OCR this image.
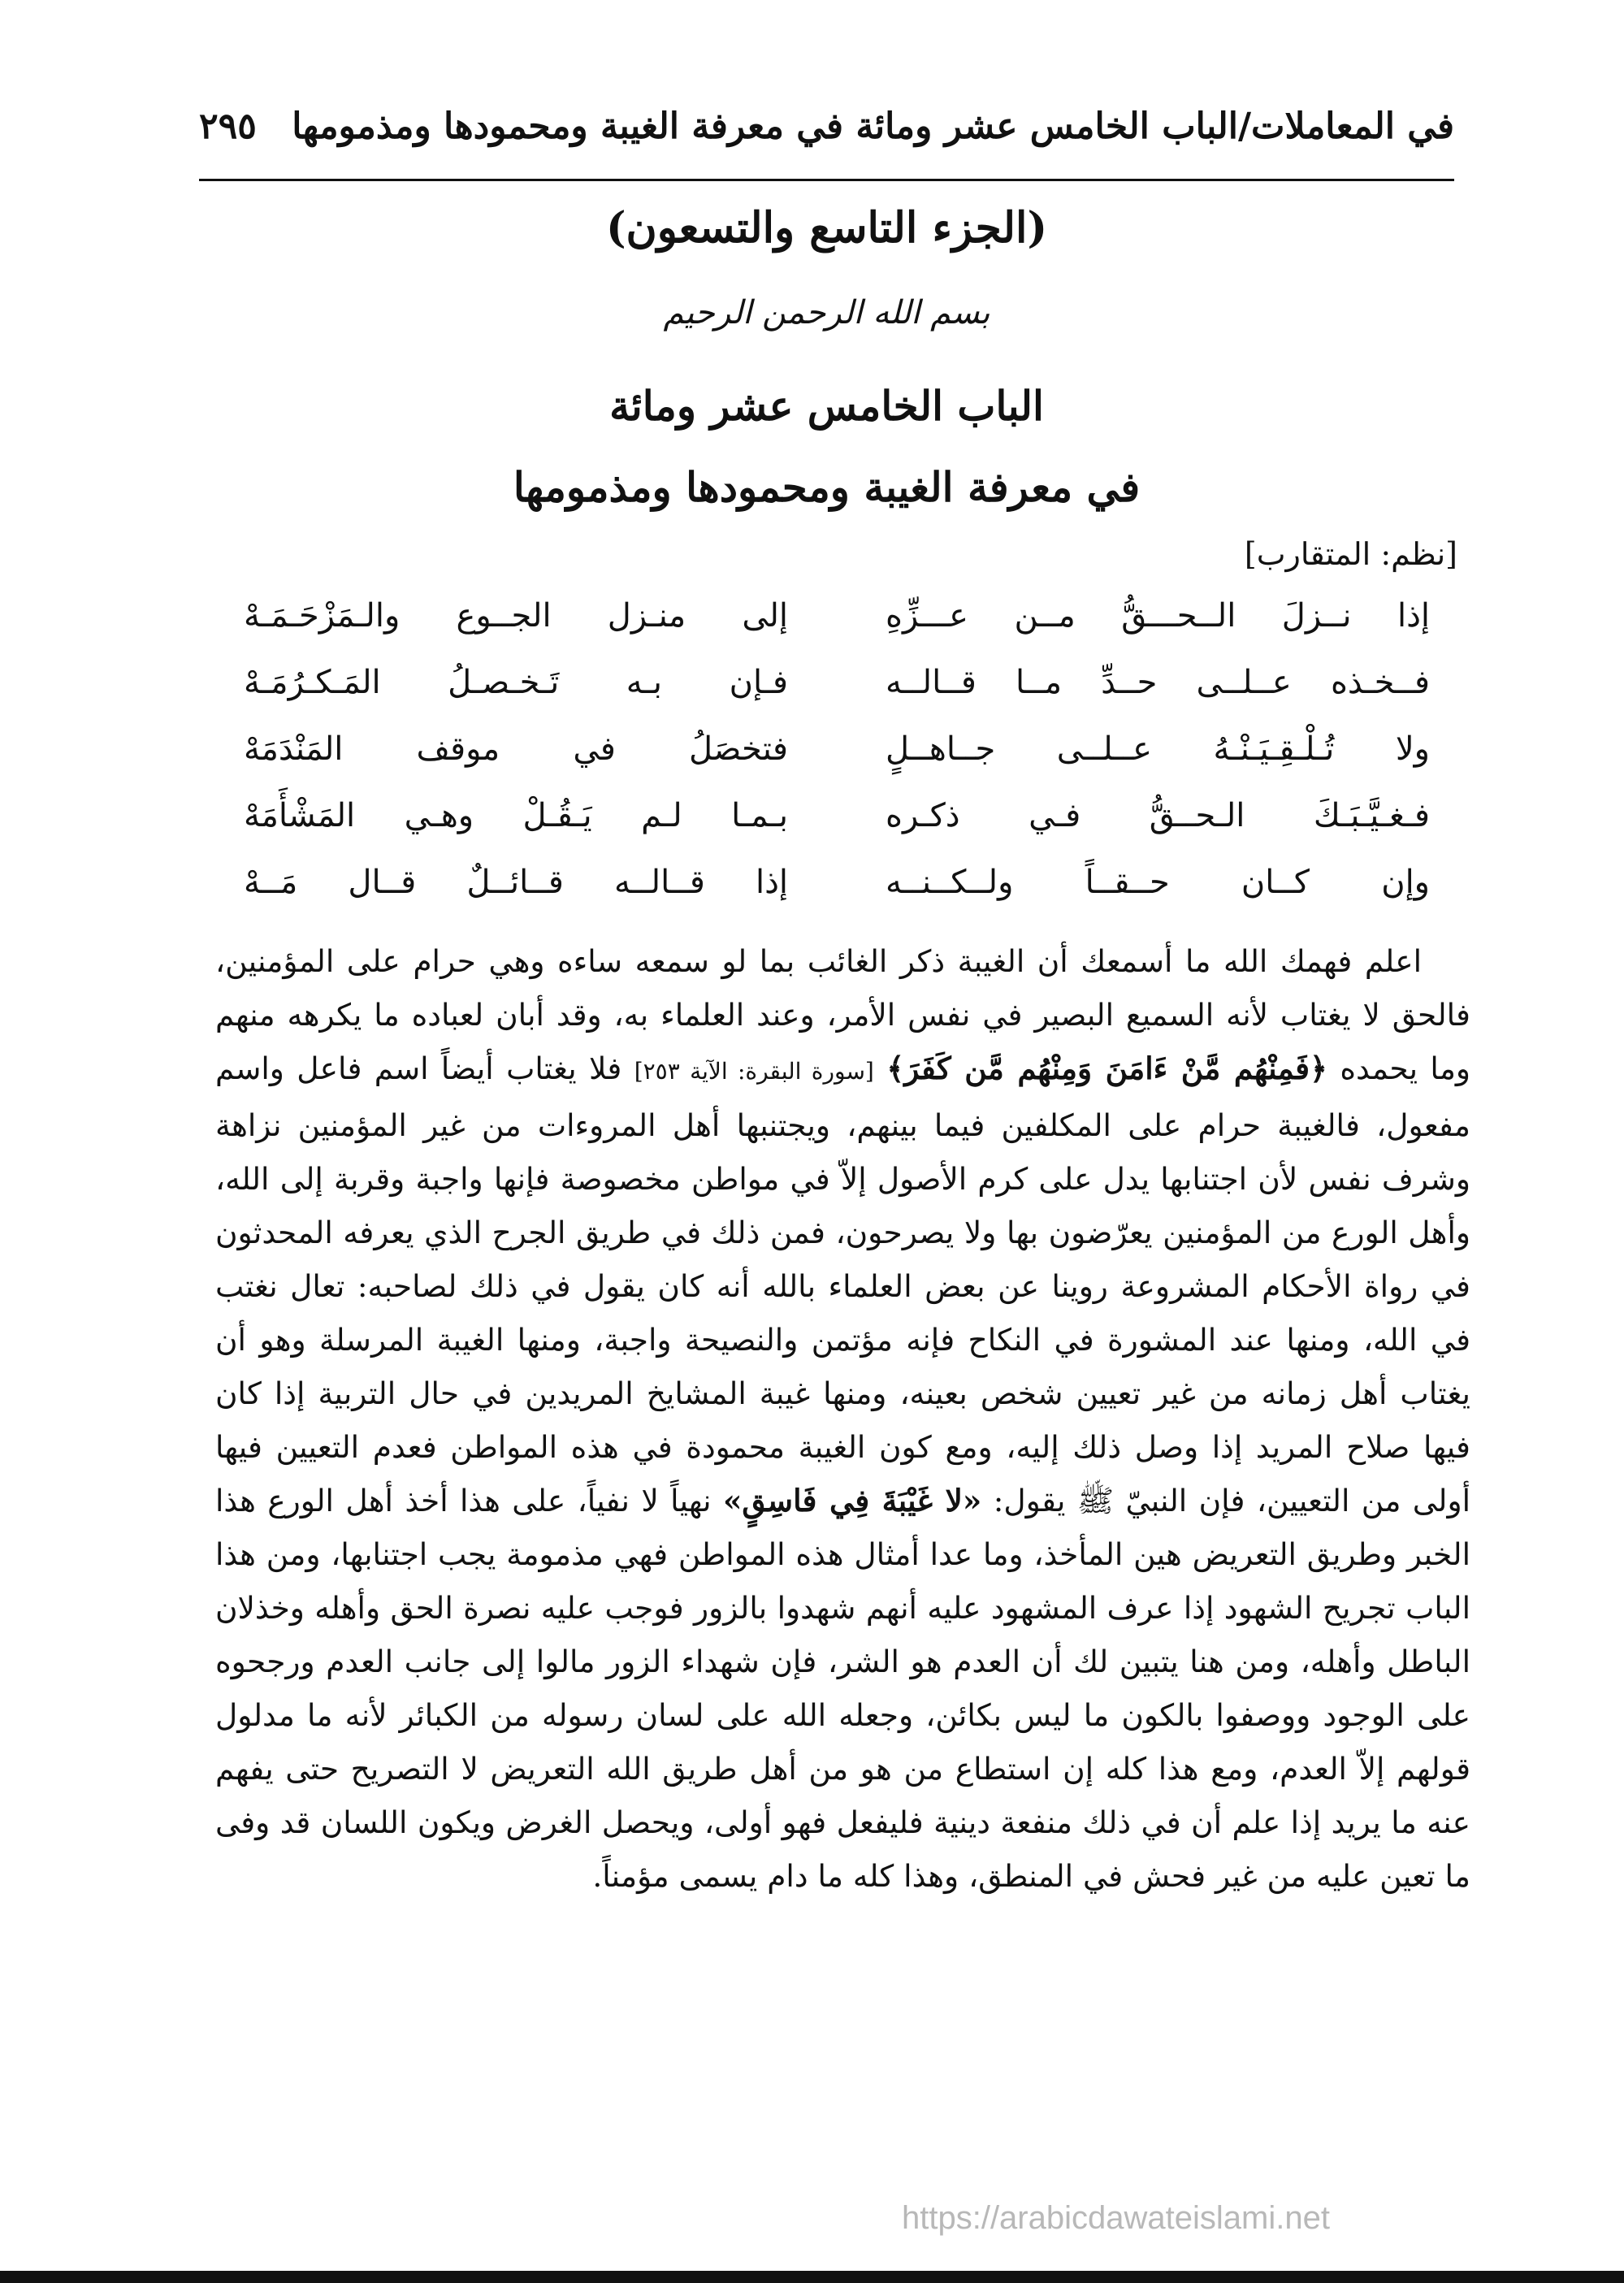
في المعاملات/الباب الخامس عشر ومائة في معرفة الغيبة ومحمودها ومذمومها
٢٩٥
(الجزء التاسع والتسعون)
بسم الله الرحمن الرحيم
الباب الخامس عشر ومائة
في معرفة الغيبة ومحمودها ومذمومها
[نظم: المتقارب]
إذا نــزلَ الــحـــقُّ مــن عـــزِّهِ
إلى منـزل الجــوع والـمَزْحَـمَـهْ
فــخـذه عــلــى حــدِّ مــا قــالــه
فـإن بـه تَـخـصـلُ المَـكـرُمَـهْ
ولا تُـلْـقِـيَـنْـهُ عــلــى جــاهــلٍ
فتخصَلُ في موقف المَنْدَمَهْ
فـغـيَّـبَـكَ الـحــقُّ فـي ذكـره
بـمـا لـم يَـقُـلْ وهـي المَشْأَمَهْ
وإن كــان حــقــاً ولــكــنــه
إذا قــالــه قــائــلٌ قــال مَــهْ

اعلم فهمك الله ما أسمعك أن الغيبة ذكر الغائب بما لو سمعه ساءه وهي حرام على المؤمنين، فالحق لا يغتاب لأنه السميع البصير في نفس الأمر، وعند العلماء به، وقد أبان لعباده ما يكرهه منهم وما يحمده ﴿فَمِنْهُم مَّنْ ءَامَنَ وَمِنْهُم مَّن كَفَرَ﴾ [سورة البقرة: الآية ٢٥٣] فلا يغتاب أيضاً اسم فاعل واسم مفعول، فالغيبة حرام على المكلفين فيما بينهم، ويجتنبها أهل المروءات من غير المؤمنين نزاهة وشرف نفس لأن اجتنابها يدل على كرم الأصول إلاّ في مواطن مخصوصة فإنها واجبة وقربة إلى الله، وأهل الورع من المؤمنين يعرّضون بها ولا يصرحون، فمن ذلك في طريق الجرح الذي يعرفه المحدثون في رواة الأحكام المشروعة روينا عن بعض العلماء بالله أنه كان يقول في ذلك لصاحبه: تعال نغتب في الله، ومنها عند المشورة في النكاح فإنه مؤتمن والنصيحة واجبة، ومنها الغيبة المرسلة وهو أن يغتاب أهل زمانه من غير تعيين شخص بعينه، ومنها غيبة المشايخ المريدين في حال التربية إذا كان فيها صلاح المريد إذا وصل ذلك إليه، ومع كون الغيبة محمودة في هذه المواطن فعدم التعيين فيها أولى من التعيين، فإن النبيّ ﷺ يقول: «لا غَيْبَةَ فِي فَاسِقٍ» نهياً لا نفياً، على هذا أخذ أهل الورع هذا الخبر وطريق التعريض هين المأخذ، وما عدا أمثال هذه المواطن فهي مذمومة يجب اجتنابها، ومن هذا الباب تجريح الشهود إذا عرف المشهود عليه أنهم شهدوا بالزور فوجب عليه نصرة الحق وأهله وخذلان الباطل وأهله، ومن هنا يتبين لك أن العدم هو الشر، فإن شهداء الزور مالوا إلى جانب العدم ورجحوه على الوجود ووصفوا بالكون ما ليس بكائن، وجعله الله على لسان رسوله من الكبائر لأنه ما مدلول قولهم إلاّ العدم، ومع هذا كله إن استطاع من هو من أهل طريق الله التعريض لا التصريح حتى يفهم عنه ما يريد إذا علم أن في ذلك منفعة دينية فليفعل فهو أولى، ويحصل الغرض ويكون اللسان قد وفى ما تعين عليه من غير فحش في المنطق، وهذا كله ما دام يسمى مؤمناً.

https://arabicdawateislami.net
